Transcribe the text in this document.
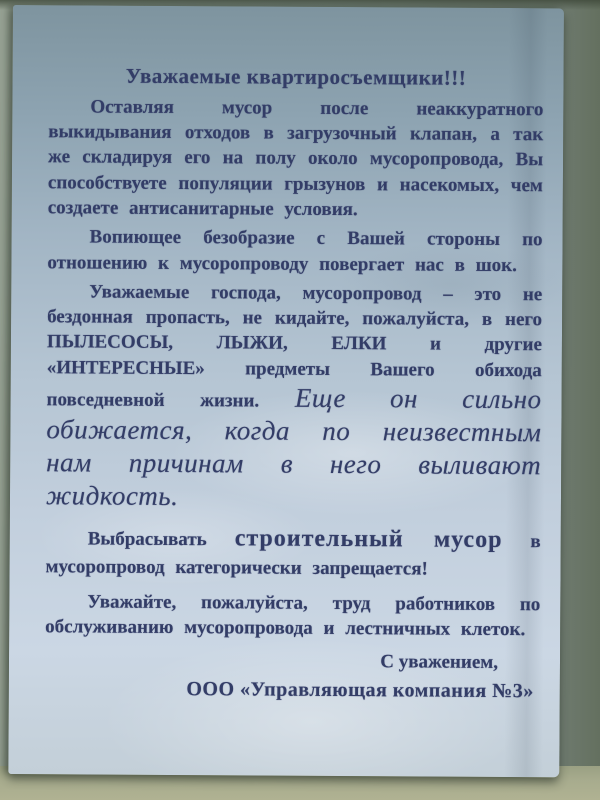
Уважаемые квартиросъемщики!!!

Оставляя мусор после неаккуратного выкидывания отходов в загрузочный клапан, а так же складируя его на полу около мусоропровода, Вы способствуете популяции грызунов и насекомых, чем создаете антисанитарные условия.

Вопиющее безобразие с Вашей стороны по отношению к мусоропроводу повергает нас в шок.

Уважаемые господа, мусоропровод – это не бездонная пропасть, не кидайте, пожалуйста, в него ПЫЛЕСОСЫ, ЛЫЖИ, ЕЛКИ и другие «ИНТЕРЕСНЫЕ» предметы Вашего обихода повседневной жизни. Еще он сильно обижается, когда по неизвестным нам причинам в него выливают жидкость.

Выбрасывать строительный мусор в мусоропровод категорически запрещается!

Уважайте, пожалуйста, труд работников по обслуживанию мусоропровода и лестничных клеток.

С уважением,
ООО «Управляющая компания №3»
